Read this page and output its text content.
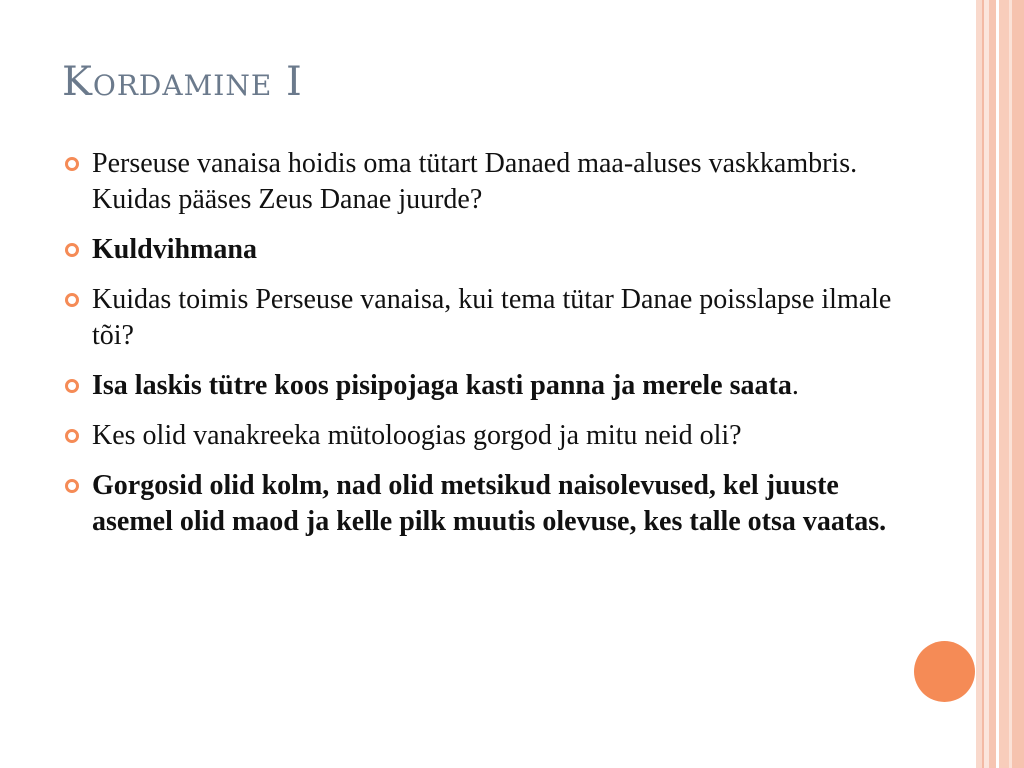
Kordamine I
Perseuse vanaisa hoidis oma tütart Danaed maa-aluses vaskkambris. Kuidas pääses Zeus Danae juurde?
Kuldvihmana
Kuidas toimis Perseuse vanaisa, kui tema tütar Danae poisslapse ilmale tõi?
Isa laskis tütre koos pisipojaga kasti panna ja merele saata.
Kes olid vanakreeka mütoloogias gorgod ja mitu neid oli?
Gorgosid olid kolm, nad olid metsikud naisolevused, kel juuste asemel olid maod ja kelle pilk muutis olevuse, kes talle otsa vaatas.
